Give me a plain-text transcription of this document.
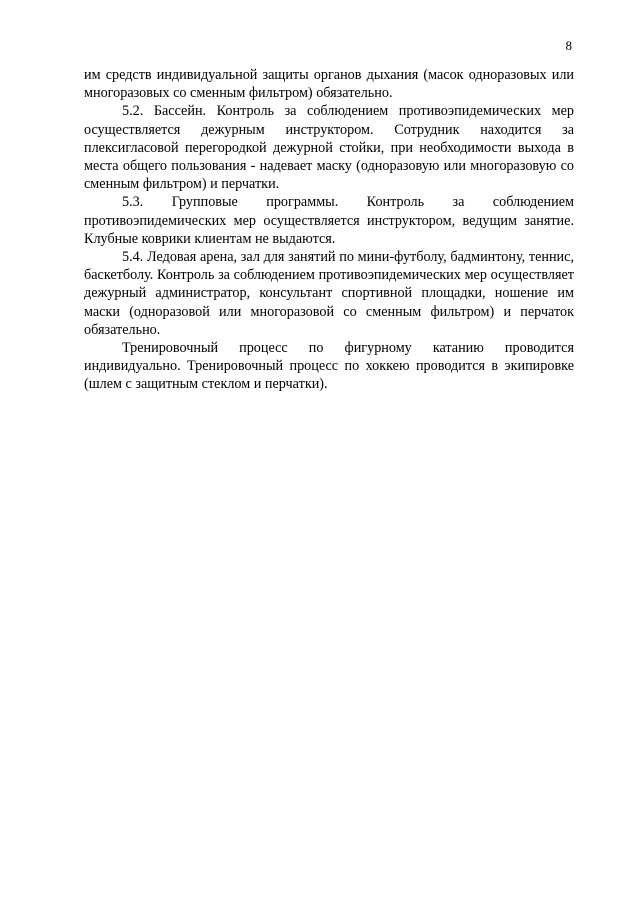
8

им средств индивидуальной защиты органов дыхания (масок одноразовых или многоразовых со сменным фильтром) обязательно.

5.2. Бассейн. Контроль за соблюдением противоэпидемических мер осуществляется дежурным инструктором. Сотрудник находится за плексигласовой перегородкой дежурной стойки, при необходимости выхода в места общего пользования - надевает маску (одноразовую или многоразовую со сменным фильтром) и перчатки.

5.3. Групповые программы. Контроль за соблюдением противоэпидемических мер осуществляется инструктором, ведущим занятие. Клубные коврики клиентам не выдаются.

5.4. Ледовая арена, зал для занятий по мини-футболу, бадминтону, теннис, баскетболу. Контроль за соблюдением противоэпидемических мер осуществляет дежурный администратор, консультант спортивной площадки, ношение им маски (одноразовой или многоразовой со сменным фильтром) и перчаток обязательно.

Тренировочный процесс по фигурному катанию проводится индивидуально. Тренировочный процесс по хоккею проводится в экипировке (шлем с защитным стеклом и перчатки).
